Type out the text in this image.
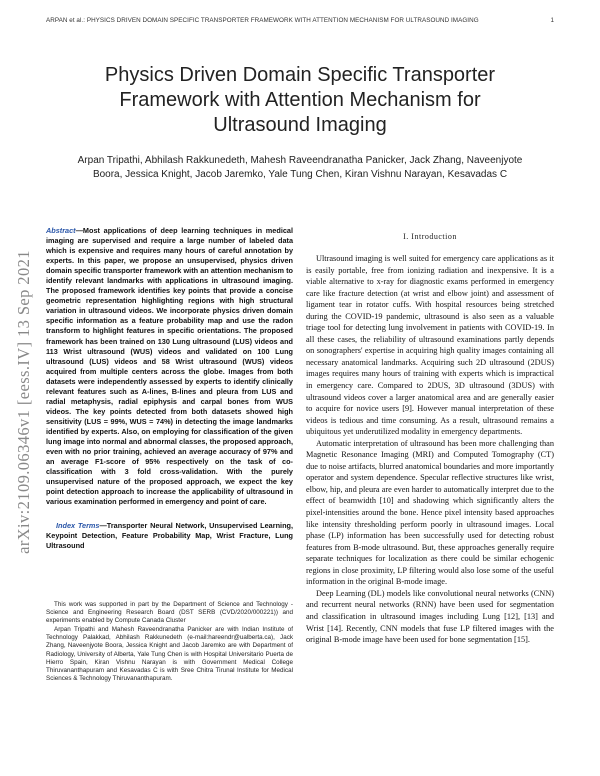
ARPAN et al.: PHYSICS DRIVEN DOMAIN SPECIFIC TRANSPORTER FRAMEWORK WITH ATTENTION MECHANISM FOR ULTRASOUND IMAGING	1
Physics Driven Domain Specific Transporter
Framework with Attention Mechanism for
Ultrasound Imaging
Arpan Tripathi, Abhilash Rakkunedeth, Mahesh Raveendranatha Panicker, Jack Zhang, Naveenjyote
Boora, Jessica Knight, Jacob Jaremko, Yale Tung Chen, Kiran Vishnu Narayan, Kesavadas C
arXiv:2109.06346v1 [eess.IV] 13 Sep 2021

Abstract—Most applications of deep learning techniques in medical imaging are supervised and require a large number of labeled data which is expensive and requires many hours of careful annotation by experts. In this paper, we propose an unsupervised, physics driven domain specific transporter framework with an attention mechanism to identify relevant landmarks with applications in ultrasound imaging. The proposed framework identifies key points that provide a concise geometric representation highlighting regions with high structural variation in ultrasound videos. We incorporate physics driven domain specific information as a feature probability map and use the radon transform to highlight features in specific orientations. The proposed framework has been trained on 130 Lung ultrasound (LUS) videos and 113 Wrist ultrasound (WUS) videos and validated on 100 Lung ultrasound (LUS) videos and 58 Wrist ultrasound (WUS) videos acquired from multiple centers across the globe. Images from both datasets were independently assessed by experts to identify clinically relevant features such as A-lines, B-lines and pleura from LUS and radial metaphysis, radial epiphysis and carpal bones from WUS videos. The key points detected from both datasets showed high sensitivity (LUS = 99%, WUS = 74%) in detecting the image landmarks identified by experts. Also, on employing for classification of the given lung image into normal and abnormal classes, the proposed approach, even with no prior training, achieved an average accuracy of 97% and an average F1-score of 95% respectively on the task of co-classification with 3 fold cross-validation. With the purely unsupervised nature of the proposed approach, we expect the key point detection approach to increase the applicability of ultrasound in various examination performed in emergency and point of care.

Index Terms—Transporter Neural Network, Unsupervised Learning, Keypoint Detection, Feature Probability Map, Wrist Fracture, Lung Ultrasound

This work was supported in part by the Department of Science and Technology - Science and Engineering Research Board (DST SERB (CVD/2020/000221)) and experiments enabled by Compute Canada Cluster

Arpan Tripathi and Mahesh Raveendranatha Panicker are with Indian Institute of Technology Palakkad, Abhilash Rakkunedeth (e-mail:hareendr@ualberta.ca), Jack Zhang, Naveenjyote Boora, Jessica Knight and Jacob Jaremko are with Department of Radiology, University of Alberta, Yale Tung Chen is with Hospital Universitario Puerta de Hierro Spain, Kiran Vishnu Narayan is with Government Medical College Thiruvananthapuram and Kesavadas C is with Sree Chitra Tirunal Institute for Medical Sciences & Technology Thiruvananthapuram.

I. Introduction

Ultrasound imaging is well suited for emergency care applications as it is easily portable, free from ionizing radiation and inexpensive. It is a viable alternative to x-ray for diagnostic exams performed in emergency care like fracture detection (at wrist and elbow joint) and assessment of ligament tear in rotator cuffs. With hospital resources being stretched during the COVID-19 pandemic, ultrasound is also seen as a valuable triage tool for detecting lung involvement in patients with COVID-19. In all these cases, the reliability of ultrasound examinations partly depends on sonographers' expertise in acquiring high quality images containing all necessary anatomical landmarks. Acquiring such 2D ultrasound (2DUS) images requires many hours of training with experts which is impractical in emergency care. Compared to 2DUS, 3D ultrasound (3DUS) with ultrasound videos cover a larger anatomical area and are generally easier to acquire for novice users [9]. However manual interpretation of these videos is tedious and time consuming. As a result, ultrasound remains a ubiquitous yet underutilized modality in emergency departments.

Automatic interpretation of ultrasound has been more challenging than Magnetic Resonance Imaging (MRI) and Computed Tomography (CT) due to noise artifacts, blurred anatomical boundaries and more importantly operator and system dependence. Specular reflective structures like wrist, elbow, hip, and pleura are even harder to automatically interpret due to the effect of beamwidth [10] and shadowing which significantly alters the pixel-intensities around the bone. Hence pixel intensity based approaches like intensity thresholding perform poorly in ultrasound images. Local phase (LP) information has been successfully used for detecting robust features from B-mode ultrasound. But, these approaches generally require separate techniques for localization as there could be similar echogenic regions in close proximity, LP filtering would also lose some of the useful information in the original B-mode image.

Deep Learning (DL) models like convolutional neural networks (CNN) and recurrent neural networks (RNN) have been used for segmentation and classification in ultrasound images including Lung [12], [13] and Wrist [14]. Recently, CNN models that fuse LP filtered images with the original B-mode image have been used for bone segmentation [15].
